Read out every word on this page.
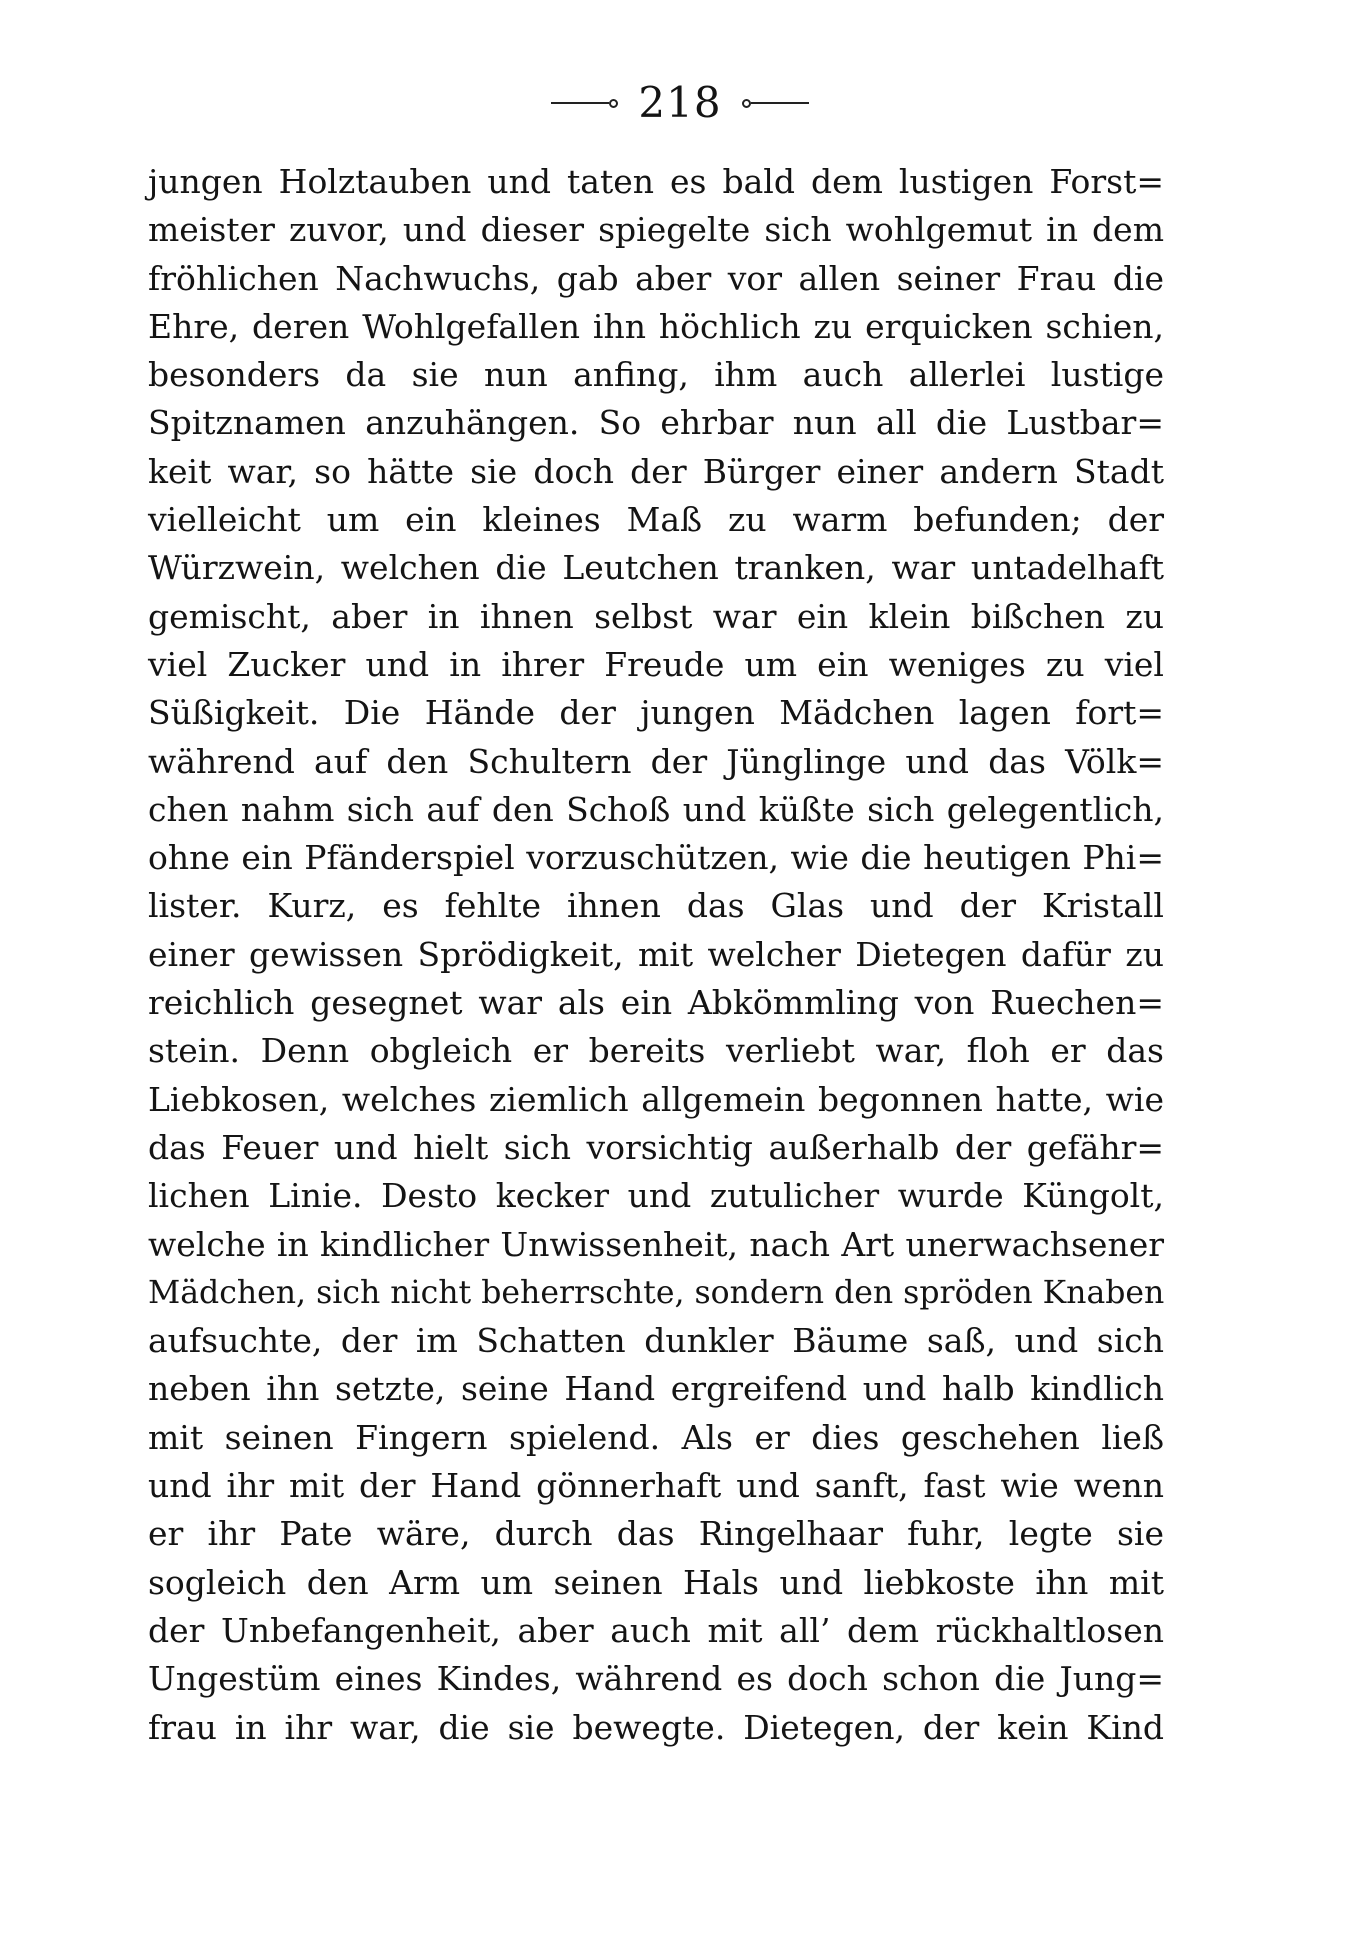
218
jungen Holztauben und taten es bald dem lustigen Forst=
meister zuvor, und dieser spiegelte sich wohlgemut in dem
fröhlichen Nachwuchs, gab aber vor allen seiner Frau die
Ehre, deren Wohlgefallen ihn höchlich zu erquicken schien,
besonders da sie nun anfing, ihm auch allerlei lustige
Spitznamen anzuhängen. So ehrbar nun all die Lustbar=
keit war, so hätte sie doch der Bürger einer andern Stadt
vielleicht um ein kleines Maß zu warm befunden; der
Würzwein, welchen die Leutchen tranken, war untadelhaft
gemischt, aber in ihnen selbst war ein klein bißchen zu
viel Zucker und in ihrer Freude um ein weniges zu viel
Süßigkeit. Die Hände der jungen Mädchen lagen fort=
während auf den Schultern der Jünglinge und das Völk=
chen nahm sich auf den Schoß und küßte sich gelegentlich,
ohne ein Pfänderspiel vorzuschützen, wie die heutigen Phi=
lister. Kurz, es fehlte ihnen das Glas und der Kristall
einer gewissen Sprödigkeit, mit welcher Dietegen dafür zu
reichlich gesegnet war als ein Abkömmling von Ruechen=
stein. Denn obgleich er bereits verliebt war, floh er das
Liebkosen, welches ziemlich allgemein begonnen hatte, wie
das Feuer und hielt sich vorsichtig außerhalb der gefähr=
lichen Linie. Desto kecker und zutulicher wurde Küngolt,
welche in kindlicher Unwissenheit, nach Art unerwachsener
Mädchen, sich nicht beherrschte, sondern den spröden Knaben
aufsuchte, der im Schatten dunkler Bäume saß, und sich
neben ihn setzte, seine Hand ergreifend und halb kindlich
mit seinen Fingern spielend. Als er dies geschehen ließ
und ihr mit der Hand gönnerhaft und sanft, fast wie wenn
er ihr Pate wäre, durch das Ringelhaar fuhr, legte sie
sogleich den Arm um seinen Hals und liebkoste ihn mit
der Unbefangenheit, aber auch mit all’ dem rückhaltlosen
Ungestüm eines Kindes, während es doch schon die Jung=
frau in ihr war, die sie bewegte. Dietegen, der kein Kind
